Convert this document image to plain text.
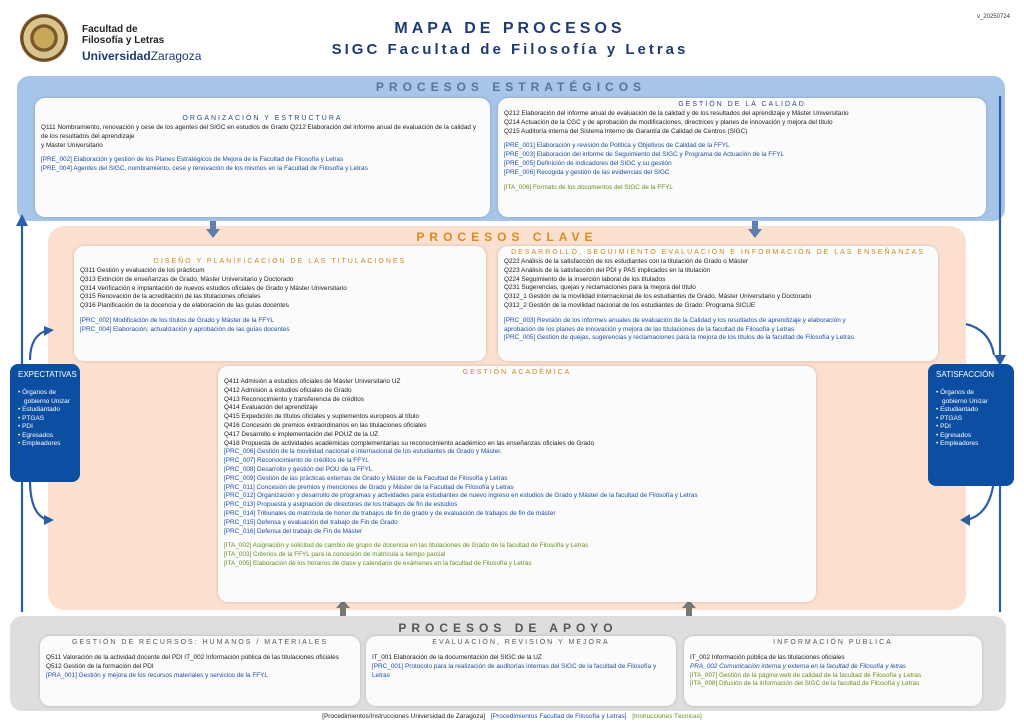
Facultad de
Filosofía y Letras
UniversidadZaragoza
v_20250724
MAPA DE PROCESOS
SIGC Facultad de Filosofía y Letras
PROCESOS ESTRATÉGICOS
PROCESOS CLAVE
PROCESOS DE APOYO
ORGANIZACIÓN Y ESTRUCTURA
Q111 Nombramiento, renovación y cese de los agentes del SIGC en estudios de Grado Q212 Elaboración del informe anual de evaluación de la calidad y de los resultados del aprendizaje
y Máster Universitario
[PRE_002] Elaboración y gestión de los Planes Estratégicos de Mejora de la Facultad de Filosofía y Letras
[PRE_004] Agentes del SIGC, nombramiento, cese y renovación de los mismos en la Facultad de Filosofía y Letras
GESTIÓN DE LA CALIDAD
Q212 Elaboración del informe anual de evaluación de la calidad y de los resultados del aprendizaje y Máster Universitario
Q214 Actuación de la CGC y de aprobación de modificaciones, directrices y planes de innovación y mejora del título
Q215 Auditoría interna del Sistema Interno de Garantía de Calidad de Centros (SIGC)
[PRE_001] Elaboración y revisión de Política y Objetivos de Calidad de la FFYL
[PRE_003] Elaboración del informe de Seguimiento del SIGC y Programa de Actuación de la FFYL
[PRE_005] Definición de indicadores del SIGC y su gestión
[PRE_006] Recogida y gestión de las evidencias del SIGC
[ITA_006] Formato de los documentos del SIGC de la FFYL
DISEÑO Y PLANIFICACIÓN DE LAS TITULACIONES
Q311 Gestión y evaluación de los prácticum
Q313 Extinción de enseñanzas de Grado, Máster Universitario y Doctorado
Q314 Verificación e implantación de nuevos estudios oficiales de Grado y Máster Universitario
Q315 Renovación de la acreditación de las titulaciones oficiales
Q316 Planificación de la docencia y de elaboración de las guías docentes
[PRC_002] Modificación de los títulos de Grado y Máster de la FFYL
[PRC_004] Elaboración, actualización y aprobación de las guías docentes
DESARROLLO, SEGUIMIENTO EVALUACIÓN E INFORMACIÓN DE LAS ENSEÑANZAS
Q222 Análisis de la satisfacción de los estudiantes con la titulación de Grado o Máster
Q223 Análisis de la satisfacción del PDI y PAS implicados en la titulación
Q224 Seguimiento de la inserción laboral de los titulados
Q231 Sugerencias, quejas y reclamaciones para la mejora del título
Q312_1 Gestión de la movilidad internacional de los estudiantes de Grado, Máster Universitario y Doctorado
Q312_2 Gestión de la movilidad nacional de los estudiantes de Grado: Programa SICUE
[PRC_003] Revisión de los informes anuales de evaluación de la Calidad y los resultados de aprendizaje y elaboración y
aprobación de los planes de innovación y mejora de las titulaciones de la facultad de Filosofía y Letras
[PRC_005] Gestión de quejas, sugerencias y reclamaciones para la mejora de los títulos de la facultad de Filosofía y Letras
GESTIÓN ACADÉMICA
Q411 Admisión a estudios oficiales de Máster Universitario UZ
Q412 Admisión a estudios oficiales de Grado
Q413 Reconocimiento y transferencia de créditos
Q414 Evaluación del aprendizaje
Q415 Expedición de títulos oficiales y suplementos europeos al título
Q416 Concesión de premios extraordinarios en las titulaciones oficiales
Q417 Desarrollo e implementación del POUZ de la UZ
Q418 Propuesta de actividades académicas complementarias su reconocimiento académico en las enseñanzas oficiales de Grado
[PRC_006] Gestión de la movilidad nacional e internacional de los estudiantes de Grado y Máster.
[PRC_007] Reconocimiento de créditos de la FFYL
[PRC_008] Desarrollo y gestión del POU de la FFYL
[PRC_009] Gestión de las prácticas externas de Grado y Máster de la Facultad de Filosofía y Letras
[PRC_011] Concesión de premios y menciones de Grado y Máster de la Facultad de Filosofía y Letras
[PRC_012] Organización y desarrollo de programas y actividades para estudiantes de nuevo ingreso en estudios de Grado y Máster de la facultad de Filosofía y Letras
[PRC_013] Propuesta y asignación de directores de los trabajos de fin de estudios
[PRC_014] Tribunales de matrícula de honor de trabajos de fin de grado y de evaluación de trabajos de fin de máster
[PRC_015] Defensa y evaluación del trabajo de Fin de Grado
[PRC_016] Defensa del trabajo de Fin de Máster
[ITA_002] Asignación y solicitud de cambio de grupo de docencia en las titulaciones de Grado de la facultad de Filosofía y Letras
[ITA_003] Criterios de la FFYL para la concesión de matrícula a tiempo parcial
[ITA_005] Elaboración de los horarios de clase y calendario de exámenes en la facultad de Filosofía y Letras
EXPECTATIVAS
• Órganos de
gobierno Unizar
• Estudiantado
• PTGAS
• PDI
• Egresados
• Empleadores
SATISFACCIÓN
• Órganos de
gobierno Unizar
• Estudiantado
• PTGAS
• PDI
• Egresados
• Empleadores
GESTIÓN DE RECURSOS: HUMANOS / MATERIALES
Q511 Valoración de la actividad docente del PDI IT_002 Información pública de las titulaciones oficiales
Q512 Gestión de la formación del PDI
[PRA_001] Gestión y mejora de los recursos materiales y servicios de la FFYL
EVALUACIÓN, REVISIÓN Y MEJORA
IT_001 Elaboración de la documentación del SIGC de la UZ
[PRC_001] Protocolo para la realización de auditorías internas del SIGC de la facultad de Filosofía y Letras
INFORMACIÓN PÚBLICA
IT_002 Información pública de las titulaciones oficiales
PRA_002 Comunicación interna y externa en la facultad de Filosofía y letras
[ITA_007] Gestión de la página web de calidad de la facultad de Filosofía y Letras
[ITA_008] Difusión de la información del SIGC de la facultad de Filosofía y Letras
[Procedimientos/Instrucciones Universidad de Zaragoza] [Procedimientos Facultad de Filosofía y Letras] [Instrucciones Técnicas]
